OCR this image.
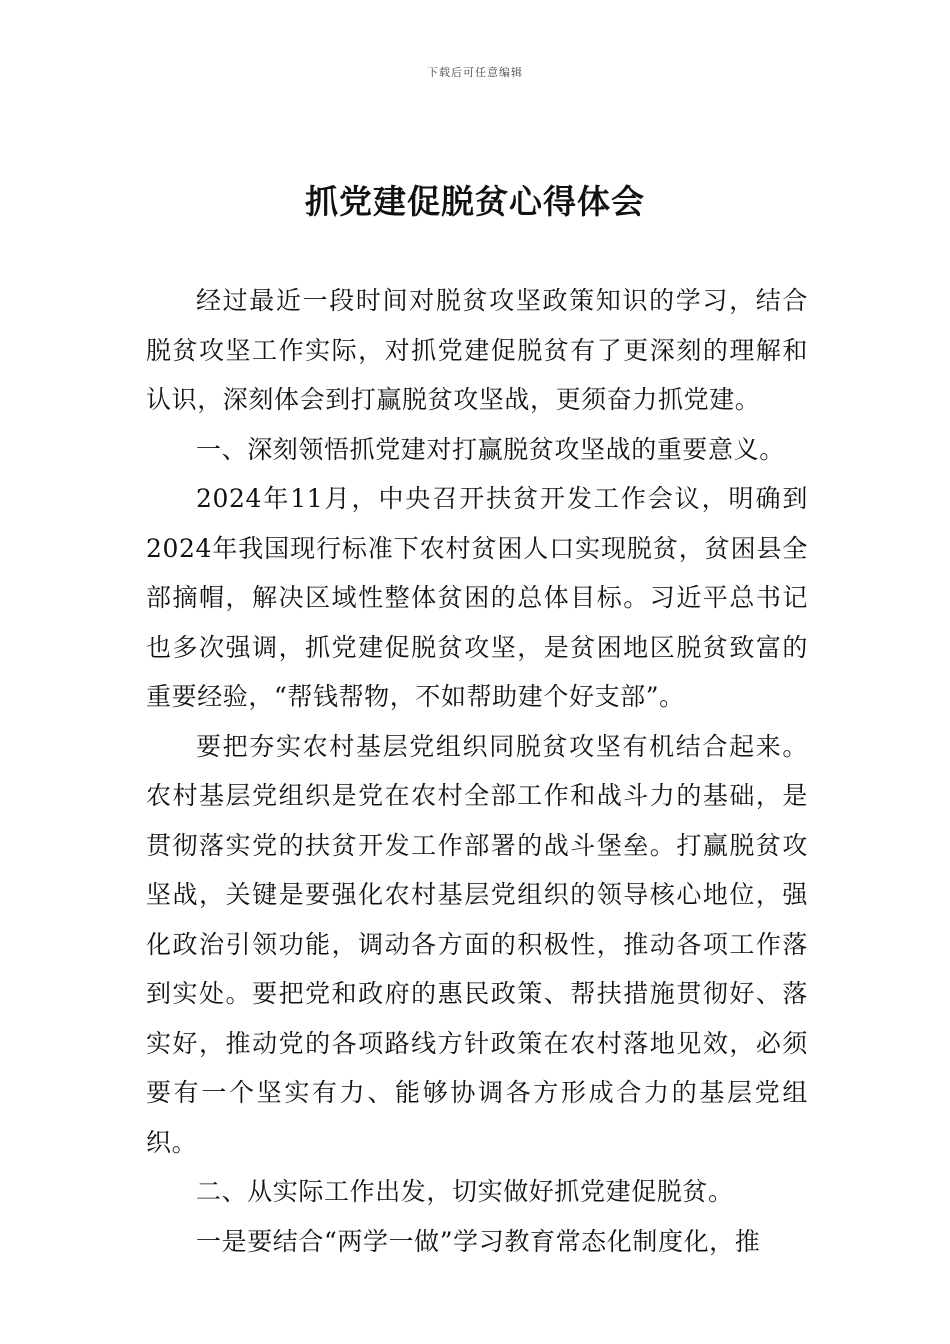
下载后可任意编辑
抓党建促脱贫心得体会

经过最近一段时间对脱贫攻坚政策知识的学习，结合脱贫攻坚工作实际，对抓党建促脱贫有了更深刻的理解和认识，深刻体会到打赢脱贫攻坚战，更须奋力抓党建。

一、深刻领悟抓党建对打赢脱贫攻坚战的重要意义。

2024年11月，中央召开扶贫开发工作会议，明确到2024年我国现行标准下农村贫困人口实现脱贫，贫困县全部摘帽，解决区域性整体贫困的总体目标。习近平总书记也多次强调，抓党建促脱贫攻坚，是贫困地区脱贫致富的重要经验，“帮钱帮物，不如帮助建个好支部”。

要把夯实农村基层党组织同脱贫攻坚有机结合起来。农村基层党组织是党在农村全部工作和战斗力的基础，是贯彻落实党的扶贫开发工作部署的战斗堡垒。打赢脱贫攻坚战，关键是要强化农村基层党组织的领导核心地位，强化政治引领功能，调动各方面的积极性，推动各项工作落到实处。要把党和政府的惠民政策、帮扶措施贯彻好、落实好，推动党的各项路线方针政策在农村落地见效，必须要有一个坚实有力、能够协调各方形成合力的基层党组织。

二、从实际工作出发，切实做好抓党建促脱贫。

一是要结合“两学一做”学习教育常态化制度化，推
